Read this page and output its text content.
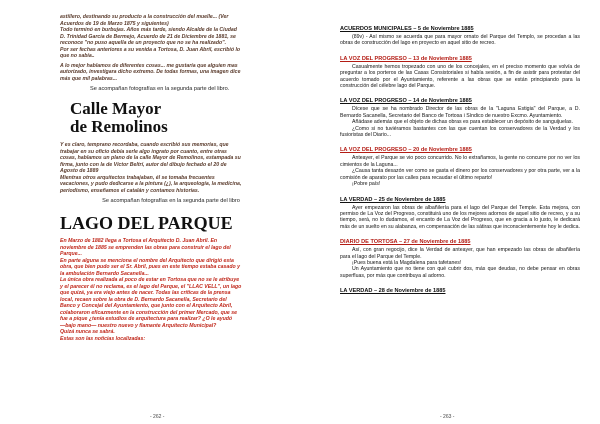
astillero, destinando su producto a la construcción del muelle... (Ver

Acuerdos de 19 de Marzo 1875 y siguientes)

Todo terminó en burbujas. Años más tarde, siendo Alcalde de la Ciudad

D. Trinidad García de Bermejo, Acuerdo de 21 de Diciembre de 1881, se

reconoce "no puso aquella de un proyecto que no se ha realizado".

Por ser fechas anteriores a su venida a Tortosa, D. Juan Abril, escribió lo

que no sabía..

A lo mejor hablamos de diferentes cosas... me gustaría que alguien mas

autorizado, investigara dicho extremo. De todas formas, una imagen dice

más que mil palabras...

Se acompañan fotografías en la segunda parte del libro.

Calle Mayor

de Remolinos

Y es claro, temprano recordaba, cuando escribió sus memorias, que

trabajar en su oficio debía serle algo ingrato por cuanto, entre otras

cosas, hablamos un plano de la calle Mayor de Remolinos, estampada su

firma, junto con la de Víctor Beltrí, autor del dibujo fechado el 20 de

Agosto de 1889

Mientras otros arquitectos trabajaban, él se tomaba frecuentes

vacaciones, y pudo dedicarse a la pintura (¿), la arqueología, la medicina,

periodismo, enseñamos el catalán y contamos historias.

Se acompañan fotografías en la segunda parte del libro

LAGO DEL PARQUE

En Marzo de 1882 llega a Tortosa el Arquitecto D. Juan Abril. En

noviembre de 1885 se emprenden las obras para construir el lago del

Parque...

En parte alguna se menciona el nombre del Arquitecto que dirigió esta

obra, que bien pudo ser el Sr. Abril, pues en este tiempo estaba casado y

la ambulación Bernardo Sacanella...

La única obra realizada al poco de estar en Tortosa que no se le atribuye

y el parecer él no reclama, es el lago del Parque, el "LLAC VELL", un lago

que quizá, ya era viejo antes de nacer. Todas las críticas de la prensa

local, recaen sobre la obra de D. Bernardo Sacanella, Secretario del

Banco y Concejal del Ayuntamiento, que junto con el Arquitecto Abril,

colaboraron eficazmente en la construcción del primer Mercado, que se

fue a pique ¿tenía estudios de arquitectura para realizar? ¿O le ayudó

—bajo mano— nuestro nuevo y flamante Arquitecto Municipal?

Quizá nunca se sabrá.

Estas son las noticias localizadas:

- 262 -

ACUERDOS MUNICIPALES – 5 de Noviembre 1885

(89v) - Así mismo se acuerda que para mayor ornato del Parque del Templo, se procedan a las obras de construcción del lago en proyecto en aquel sitio de recreo.

LA VOZ DEL PROGRESO – 13 de Noviembre 1885

Casualmente hemos tropezado con uno de los concejales, en el preciso momento que volvía de preguntar a los porteros de las Casas Consistoriales si había sesión, a fin de asistir para protestar del acuerdo tomado por el Ayuntamiento, referente a las obras que se están principiando para la construcción del célebre lago del Parque.

LA VOZ DEL PROGRESO – 14 de Noviembre 1885

Dícese que se ha nombrado Director de las obras de la "Laguna Estigia" del Parque, a D. Bernardo Sacanella, Secretario del Banco de Tortosa i Síndico de nuestro Excmo. Ayuntamiento.

Añádase además que el objeto de dichas obras es para establecer un depósito de sanguijuelas.

¿Como si no tuviéramos bastantes con las que cuentan los conservadores de la Verdad y los fusioristas del Diario...

LA VOZ DEL PROGRESO – 20 de Noviembre 1885

Anteayer, el Parque se vio poco concurrido. No lo extrañamos, la gente no concurre por no ver los cimientos de la Laguna...

¿Causa tanta desazón ver como se gasta el dinero por los conservadores y por otra parte, ver a la comisión de aparato por las calles para recaudar el último reparto!

¡Pobre país!

LA VERDAD – 25 de Noviembre de 1885

Ayer empezaron las obras de albañilería para el lago del Parque del Temple. Esta mejora, con permiso de La Voz del Progreso, constituirá uno de los mejores adornos de aquel sitio de recreo, y a su tiempo, será, no lo dudamos, el encanto de La Voz del Progreso, que en gracia a lo justo, le dedicará más de un suelto en su alabanza, en compensación de las sátiras que inconscientemente hoy le dedica.

DIARIO DE TORTOSA – 27 de Noviembre de 1885

Así, con gran regocijo, dice la Verdad de anteayer, que han empezado las obras de albañilería para el lago del Parque del Temple.

¡Pues buena está la Magdalena para tafetanes!

Un Ayuntamiento que no tiene con qué cubrir dos, más que deudas, no debe pensar en obras superfluas, por más que contribuya al adorno.

LA VERDAD – 28 de Noviembre de 1885

- 263 -
